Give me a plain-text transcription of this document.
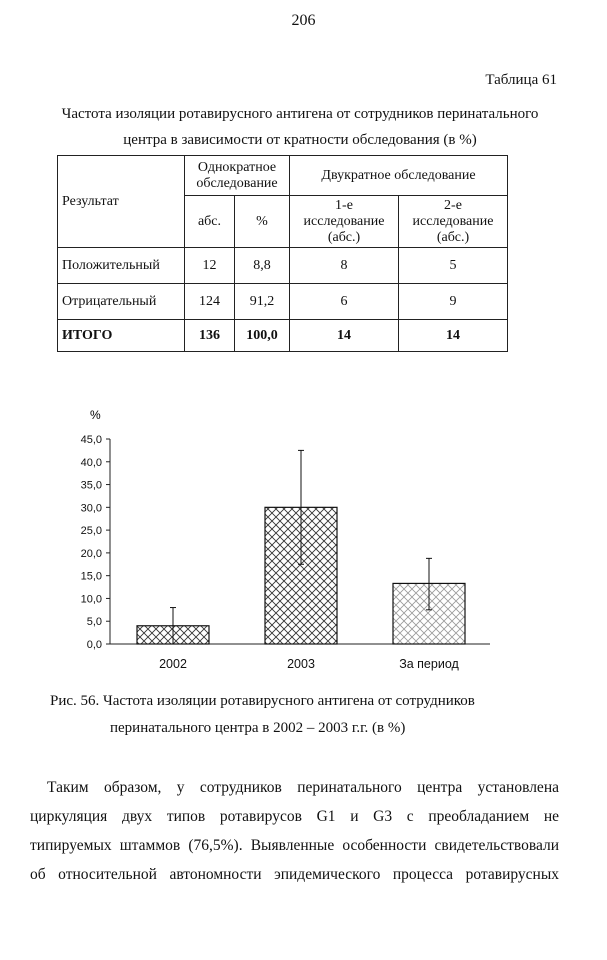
206
Таблица 61
Частота изоляции ротавирусного антигена от сотрудников перинатального
центра в зависимости от кратности обследования (в %)
Результат	Однократное обследование		Двукратное обследование	
	абс.	%	1-е исследование (абс.)	2-е исследование (абс.)
Положительный	12	8,8	8	5
Отрицательный	124	91,2	6	9
ИТОГО	136	100,0	14	14
%
0,0
5,0
10,0
15,0
20,0
25,0
30,0
35,0
40,0
45,0
2002	2003	За период
Рис. 56. Частота изоляции ротавирусного антигена от сотрудников
перинатального центра в 2002 – 2003 г.г. (в %)
Таким образом, у сотрудников перинатального центра установлена
циркуляция двух типов ротавирусов G1 и G3 с преобладанием не
типируемых штаммов (76,5%). Выявленные особенности свидетельствовали
об относительной автономности эпидемического процесса ротавирусных
